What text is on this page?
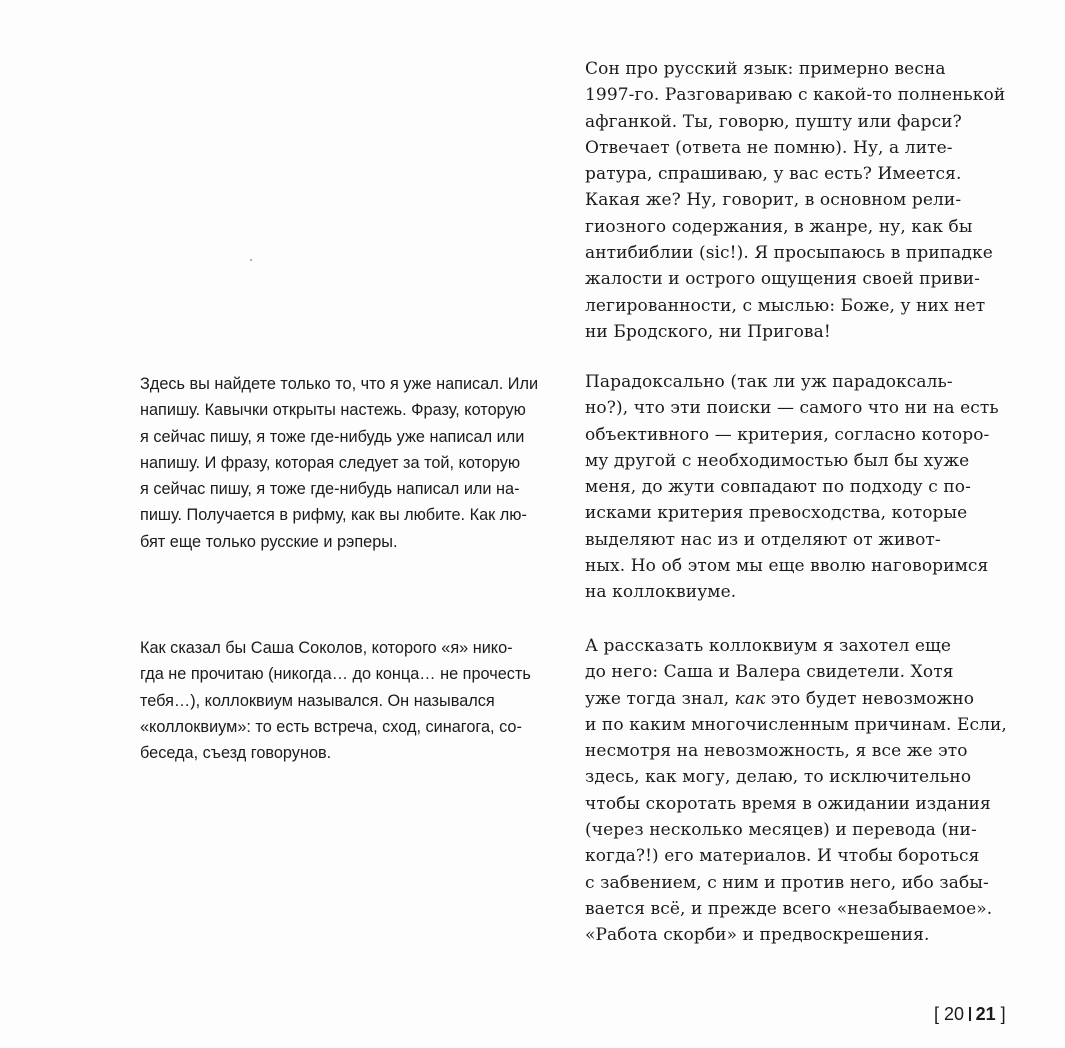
Сон про русский язык: примерно весна
1997-го. Разговариваю с какой-то полненькой
афганкой. Ты, говорю, пушту или фарси?
Отвечает (ответа не помню). Ну, а лите-
ратура, спрашиваю, у вас есть? Имеется.
Какая же? Ну, говорит, в основном рели-
гиозного содержания, в жанре, ну, как бы
антибиблии (sic!). Я просыпаюсь в припадке
жалости и острого ощущения своей приви-
легированности, с мыслью: Боже, у них нет
ни Бродского, ни Пригова!
Здесь вы найдете только то, что я уже написал. Или
напишу. Кавычки открыты настежь. Фразу, которую
я сейчас пишу, я тоже где-нибудь уже написал или
напишу. И фразу, которая следует за той, которую
я сейчас пишу, я тоже где-нибудь написал или на-
пишу. Получается в рифму, как вы любите. Как лю-
бят еще только русские и рэперы.
Парадоксально (так ли уж парадоксаль-
но?), что эти поиски — самого что ни на есть
объективного — критерия, согласно которо-
му другой с необходимостью был бы хуже
меня, до жути совпадают по подходу с по-
исками критерия превосходства, которые
выделяют нас из и отделяют от живот-
ных. Но об этом мы еще вволю наговоримся
на коллоквиуме.
Как сказал бы Саша Соколов, которого «я» нико-
гда не прочитаю (никогда… до конца… не прочесть
тебя…), коллоквиум назывался. Он назывался
«коллоквиум»: то есть встреча, сход, синагога, со-
беседа, съезд говорунов.
А рассказать коллоквиум я захотел еще
до него: Саша и Валера свидетели. Хотя
уже тогда знал, как это будет невозможно
и по каким многочисленным причинам. Если,
несмотря на невозможность, я все же это
здесь, как могу, делаю, то исключительно
чтобы скоротать время в ожидании издания
(через несколько месяцев) и перевода (ни-
когда?!) его материалов. И чтобы бороться
с забвением, с ним и против него, ибо забы-
вается всё, и прежде всего «незабываемое».
«Работа скорби» и предвоскрешения.
[ 20 21 ]
